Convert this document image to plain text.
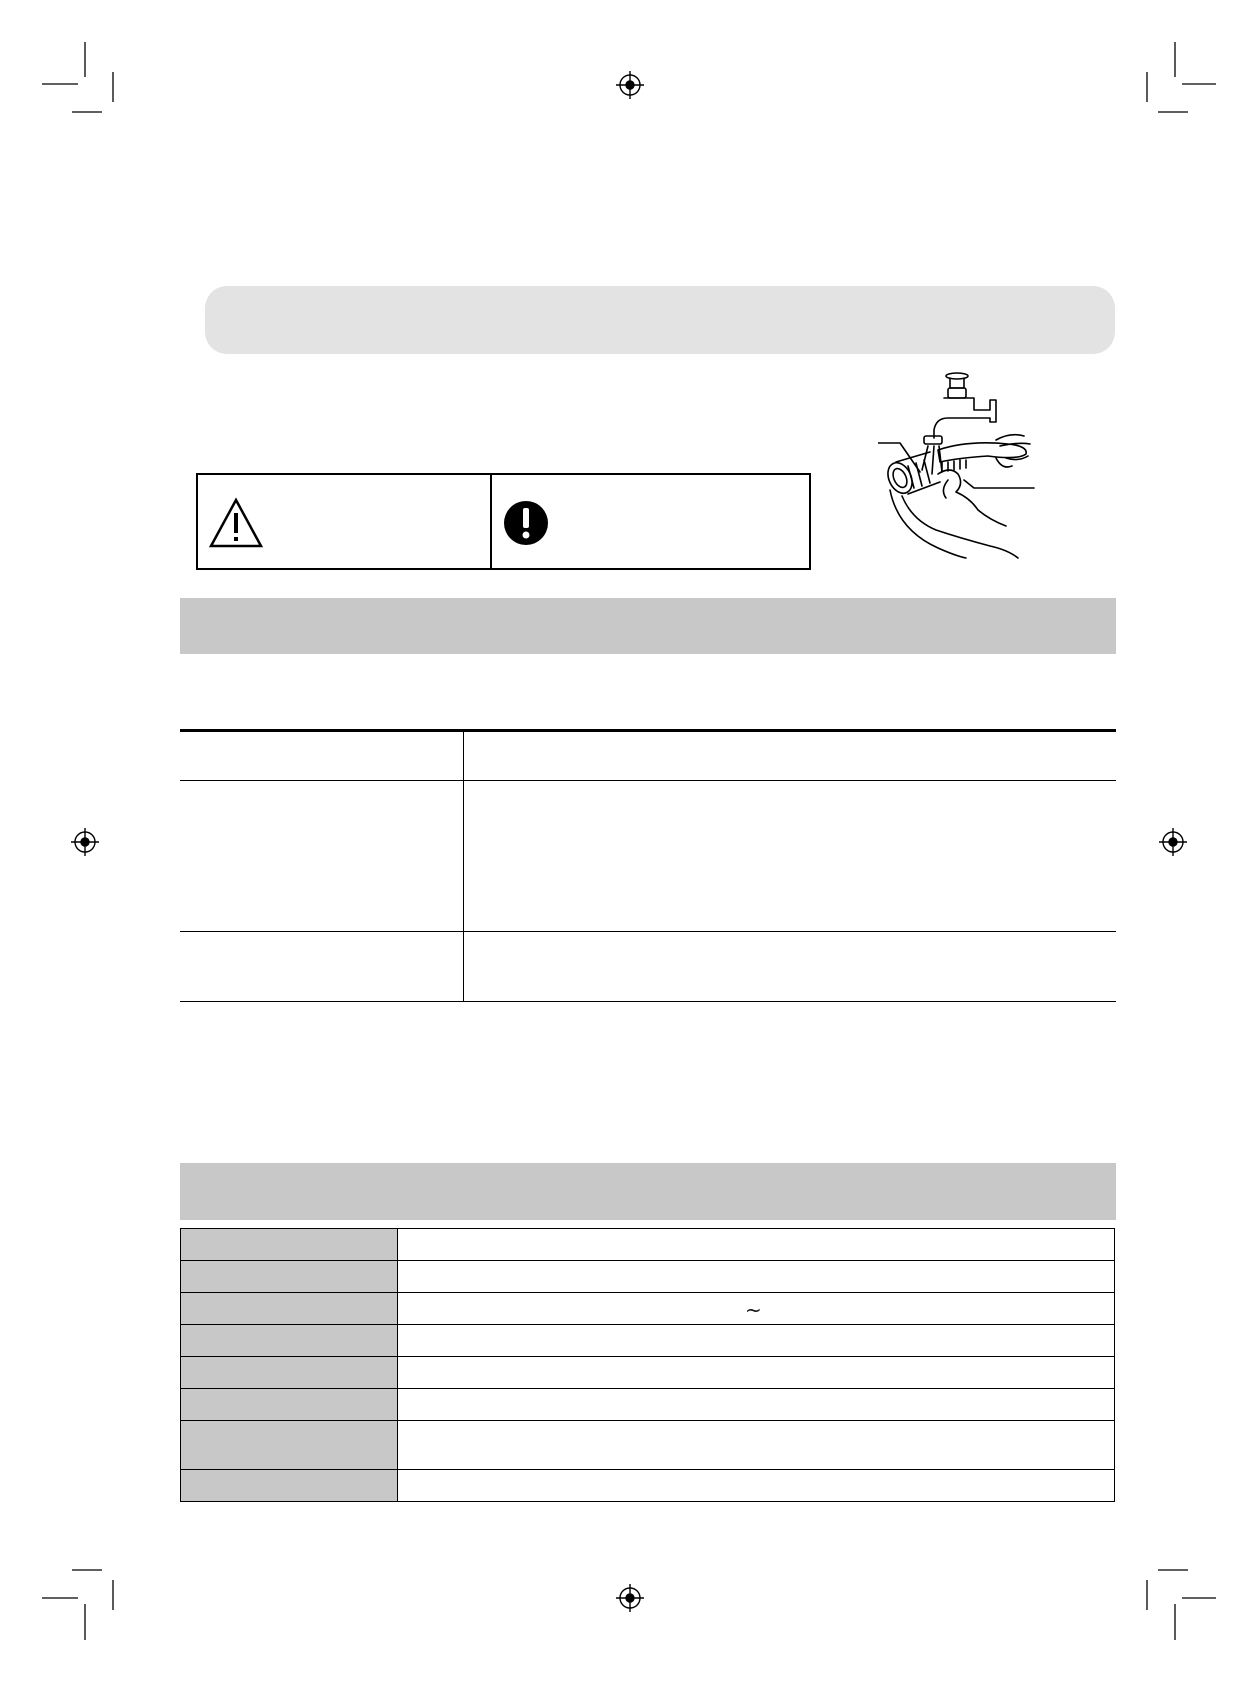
	~
